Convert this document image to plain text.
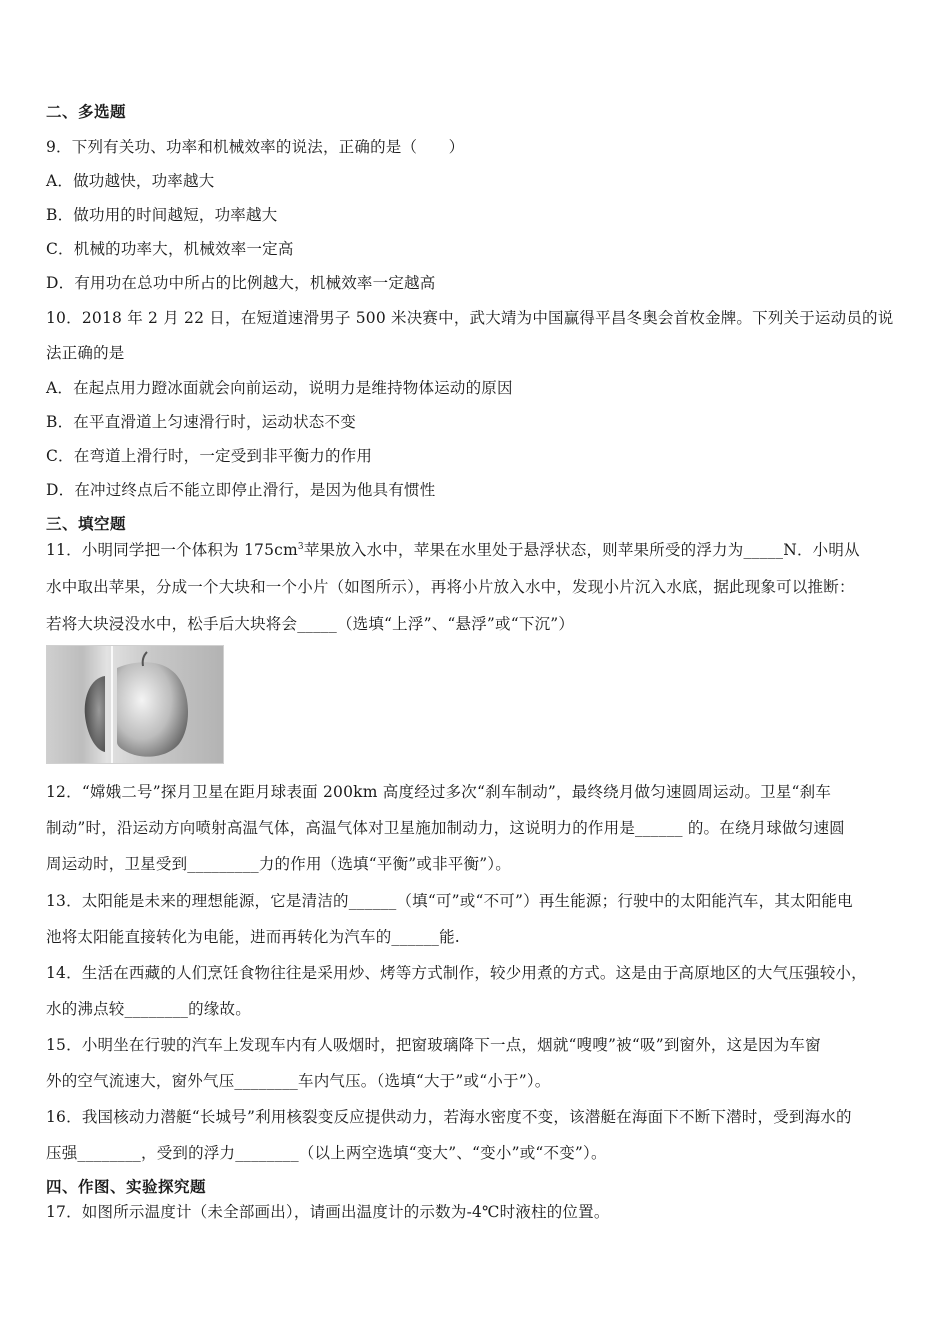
二、多选题
9．下列有关功、功率和机械效率的说法，正确的是（　　）
A．做功越快，功率越大
B．做功用的时间越短，功率越大
C．机械的功率大，机械效率一定高
D．有用功在总功中所占的比例越大，机械效率一定越高
10．2018 年 2 月 22 日，在短道速滑男子 500 米决赛中，武大靖为中国赢得平昌冬奥会首枚金牌。下列关于运动员的说
法正确的是
A．在起点用力蹬冰面就会向前运动，说明力是维持物体运动的原因
B．在平直滑道上匀速滑行时，运动状态不变
C．在弯道上滑行时，一定受到非平衡力的作用
D．在冲过终点后不能立即停止滑行，是因为他具有惯性
三、填空题
11．小明同学把一个体积为 $175cm^3$苹果放入水中，苹果在水里处于悬浮状态，则苹果所受的浮力为_____N．小明从
水中取出苹果，分成一个大块和一个小片（如图所示），再将小片放入水中，发现小片沉入水底，据此现象可以推断：
若将大块浸没水中，松手后大块将会_____（选填“上浮”、“悬浮”或“下沉”）
12．“嫦娥二号”探月卫星在距月球表面 200km 高度经过多次“刹车制动”，最终绕月做匀速圆周运动。卫星“刹车
制动”时，沿运动方向喷射高温气体，高温气体对卫星施加制动力，这说明力的作用是______ 的。在绕月球做匀速圆
周运动时，卫星受到_________力的作用（选填“平衡”或非平衡”）。
13．太阳能是未来的理想能源，它是清洁的______（填“可”或“不可”）再生能源；行驶中的太阳能汽车，其太阳能电
池将太阳能直接转化为电能，进而再转化为汽车的______能.
14．生活在西藏的人们烹饪食物往往是采用炒、烤等方式制作，较少用煮的方式。这是由于高原地区的大气压强较小，
水的沸点较________的缘故。
15．小明坐在行驶的汽车上发现车内有人吸烟时，把窗玻璃降下一点，烟就“嗖嗖”被“吸”到窗外，这是因为车窗
外的空气流速大，窗外气压________车内气压。（选填“大于”或“小于”）。
16．我国核动力潜艇“长城号”利用核裂变反应提供动力，若海水密度不变，该潜艇在海面下不断下潜时，受到海水的
压强________，受到的浮力________（以上两空选填“变大”、“变小”或“不变”）。
四、作图、实验探究题
17．如图所示温度计（未全部画出），请画出温度计的示数为-4℃时液柱的位置。
